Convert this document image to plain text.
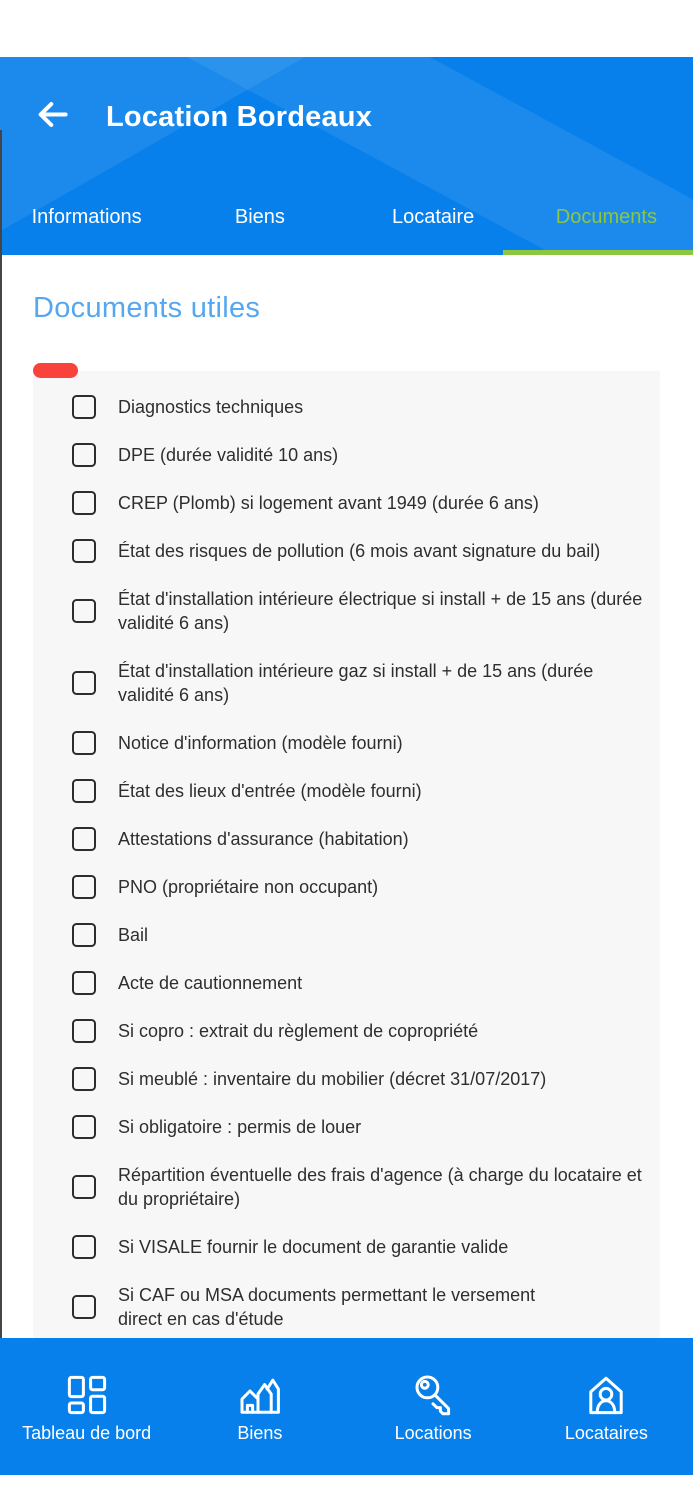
Location Bordeaux
Informations	Biens	Locataire	Documents
Documents utiles
Diagnostics techniques
DPE (durée validité 10 ans)
CREP (Plomb) si logement avant 1949 (durée 6 ans)
État des risques de pollution (6 mois avant signature du bail)
État d'installation intérieure électrique si install + de 15 ans (durée validité 6 ans)
État d'installation intérieure gaz si install + de 15 ans (durée validité 6 ans)
Notice d'information (modèle fourni)
État des lieux d'entrée (modèle fourni)
Attestations d'assurance (habitation)
PNO (propriétaire non occupant)
Bail
Acte de cautionnement
Si copro : extrait du règlement de copropriété
Si meublé : inventaire du mobilier (décret 31/07/2017)
Si obligatoire : permis de louer
Répartition éventuelle des frais d'agence (à charge du locataire et du propriétaire)
Si VISALE fournir le document de garantie valide
Si CAF ou MSA documents permettant le versement direct en cas d'étude
Tableau de bord	Biens	Locations	Locataires
